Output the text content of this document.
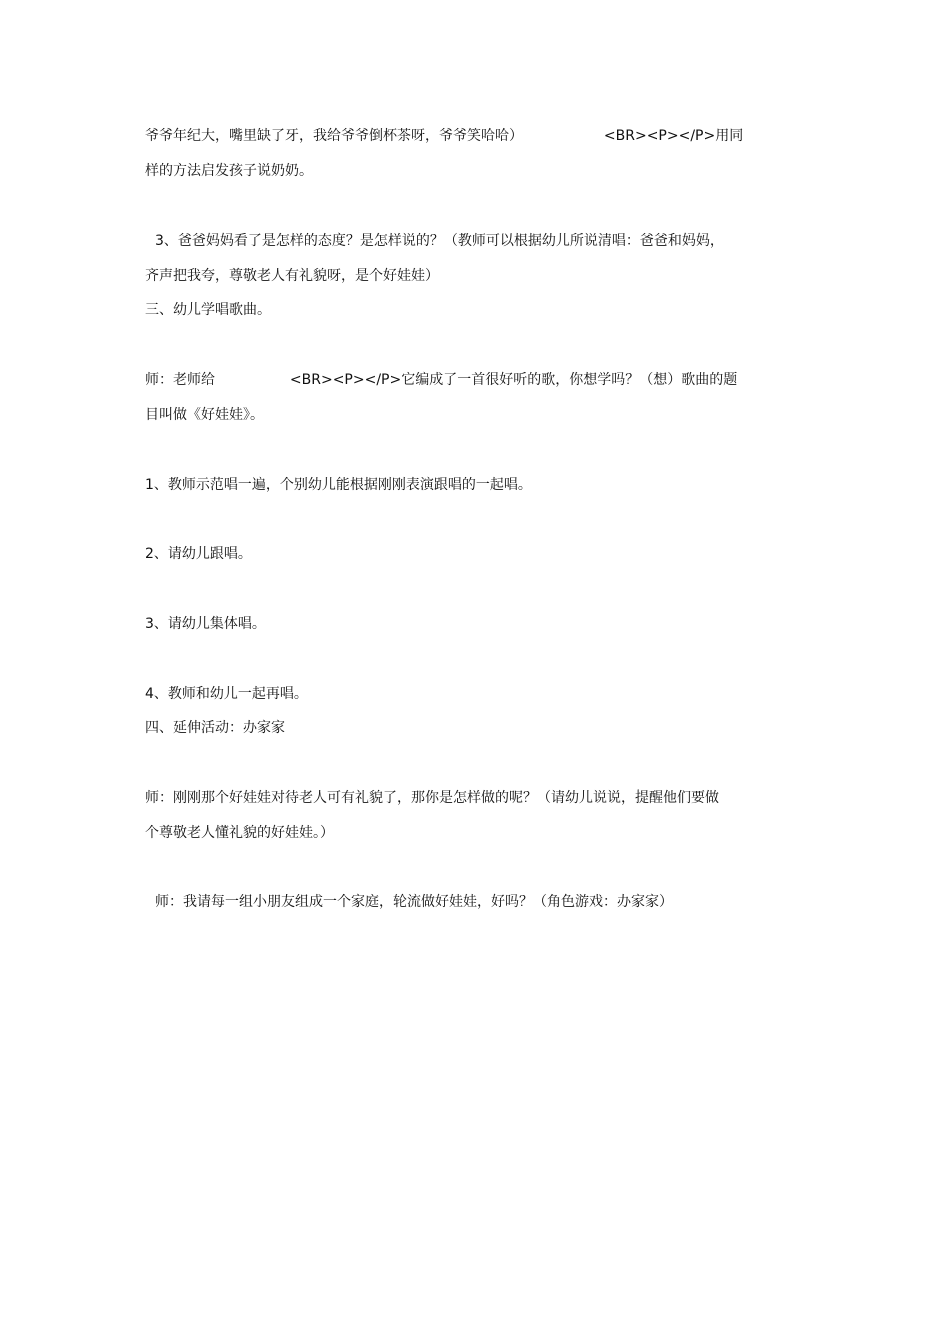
爷爷年纪大，嘴里缺了牙，我给爷爷倒杯茶呀，爷爷笑哈哈）	<BR><P></P>用同
样的方法启发孩子说奶奶。
3、爸爸妈妈看了是怎样的态度？是怎样说的？（教师可以根据幼儿所说清唱：爸爸和妈妈，
齐声把我夸，尊敬老人有礼貌呀，是个好娃娃）
三、幼儿学唱歌曲。
师：老师给	<BR><P></P>它编成了一首很好听的歌，你想学吗？（想）歌曲的题
目叫做《好娃娃》。
1、教师示范唱一遍，个别幼儿能根据刚刚表演跟唱的一起唱。
2、请幼儿跟唱。
3、请幼儿集体唱。
4、教师和幼儿一起再唱。
四、延伸活动：办家家
师：刚刚那个好娃娃对待老人可有礼貌了，那你是怎样做的呢？（请幼儿说说，提醒他们要做
个尊敬老人懂礼貌的好娃娃。）
师：我请每一组小朋友组成一个家庭，轮流做好娃娃，好吗？（角色游戏：办家家）
